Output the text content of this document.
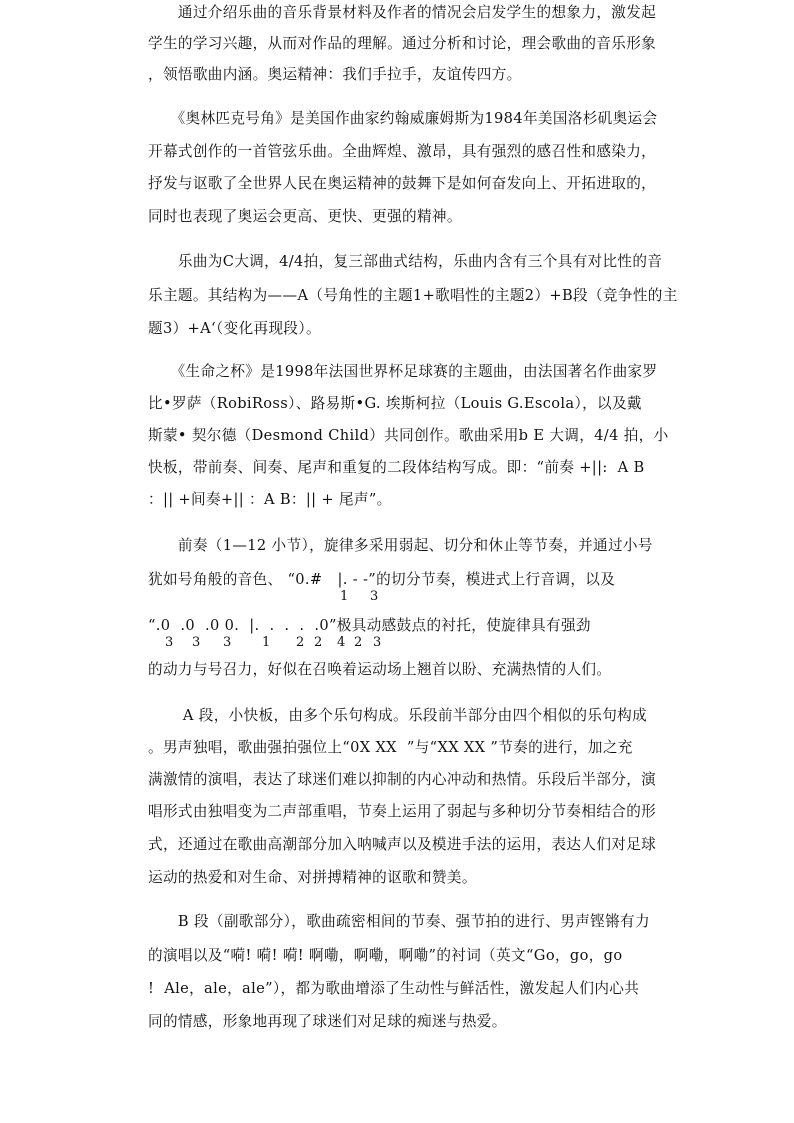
　　通过介绍乐曲的音乐背景材料及作者的情况会启发学生的想象力，激发起
学生的学习兴趣，从而对作品的理解。通过分析和讨论，理会歌曲的音乐形象
，领悟歌曲内涵。奥运精神：我们手拉手，友谊传四方。
　　《奥林匹克号角》是美国作曲家约翰威廉姆斯为1984年美国洛杉矶奥运会
开幕式创作的一首管弦乐曲。全曲辉煌、激昂，具有强烈的感召性和感染力，
抒发与讴歌了全世界人民在奥运精神的鼓舞下是如何奋发向上、开拓进取的，
同时也表现了奥运会更高、更快、更强的精神。
　　乐曲为C大调，4/4拍，复三部曲式结构，乐曲内含有三个具有对比性的音
乐主题。其结构为——A（号角性的主题1+歌唱性的主题2）+B段（竞争性的主
题3）+A‘（变化再现段）。
　　《生命之杯》是1998年法国世界杯足球赛的主题曲，由法国著名作曲家罗
比•罗萨（RobiRoss）、路易斯•G. 埃斯柯拉（Louis G.Escola），以及戴
斯蒙• 契尔德（Desmond Child）共同创作。歌曲采用b E 大调，4/4 拍，小
快板，带前奏、间奏、尾声和重复的二段体结构写成。即：“前奏 +||:  A B
：|| +间奏+|| ：A B：|| + 尾声”。
　　前奏（1—12 小节），旋律多采用弱起、切分和休止等节奏，并通过小号
犹如号角般的音色、 “0.#   |. - -”的切分节奏，模进式上行音调，以及
1 3
“.0  .0  .0 0.  |.  .  .  .  .0”极具动感鼓点的衬托，使旋律具有强劲
3 3 3 1 2 2 4 2 3
的动力与号召力，好似在召唤着运动场上翘首以盼、充满热情的人们。
　　 A 段，小快板，由多个乐句构成。乐段前半部分由四个相似的乐句构成
。男声独唱，歌曲强拍强位上“0X XX  ”与“XX XX ”节奏的进行，加之充
满激情的演唱，表达了球迷们难以抑制的内心冲动和热情。乐段后半部分，演
唱形式由独唱变为二声部重唱，节奏上运用了弱起与多种切分节奏相结合的形
式，还通过在歌曲高潮部分加入呐喊声以及模进手法的运用，表达人们对足球
运动的热爱和对生命、对拼搏精神的讴歌和赞美。
　　B 段（副歌部分），歌曲疏密相间的节奏、强节拍的进行、男声铿锵有力
的演唱以及“嗬! 嗬! 嗬! 啊嘞，啊嘞，啊嘞”的衬词（英文“Go，go，go
!  Ale，ale，ale”），都为歌曲增添了生动性与鲜活性，激发起人们内心共
同的情感，形象地再现了球迷们对足球的痴迷与热爱。
